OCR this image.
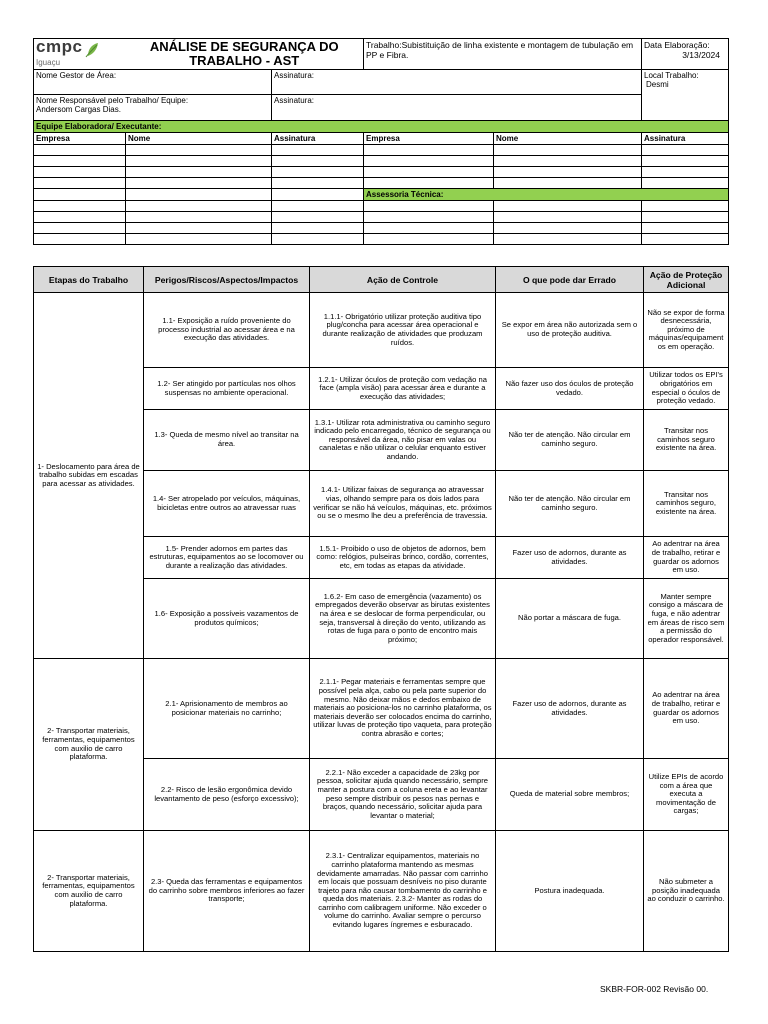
cmpc  Iguaçu	ANÁLISE DE SEGURANÇA DO TRABALHO - AST		Trabalho:Subistituição de linha existente e montagem de tubulação em PP e Fibra.		Data Elaboração:
3/13/2024

Nome Gestor de Área:		Assinatura:			Local Trabalho:
Desmi

Nome Responsável pelo Trabalho/ Equipe:
Andersom Cargas Dias.		Assinatura:			
Equipe Elaboradora/ Executante:					
Empresa	Nome	Assinatura	Empresa	Nome	Assinatura

			Assessoria Técnica:		

Etapas do Trabalho	Perigos/Riscos/Aspectos/Impactos	Ação de Controle	O que pode dar Errado	Ação de Proteção Adicional
1- Deslocamento para área de trabalho subidas em escadas para acessar as atividades.	1.1- Exposição a ruído proveniente do processo industrial ao acessar área e na execução das atividades.	1.1.1- Obrigatório utilizar proteção auditiva tipo plug/concha para acessar área operacional e durante realização de atividades que produzam ruídos.	Se expor em área não autorizada sem o uso de proteção auditiva.	Não se expor de forma desnecessária, próximo de máquinas/equipament os em operação.
	1.2- Ser atingido por partículas nos olhos suspensas no ambiente operacional.	1.2.1- Utilizar óculos de proteção com vedação na face (ampla visão) para acessar área e durante a execução das atividades;	Não fazer uso dos óculos de proteção vedado.	Utilizar todos os EPI's obrigatórios em especial o óculos de proteção vedado.
	1.3- Queda de mesmo nível ao transitar na área.	1.3.1- Utilizar rota administrativa ou caminho seguro indicado pelo encarregado, técnico de segurança ou responsável da área, não pisar em valas ou canaletas e não utilizar o celular enquanto estiver andando.	Não ter de atenção. Não circular em caminho seguro.	Transitar nos caminhos seguro existente na área.
	1.4- Ser atropelado por veículos, máquinas, bicicletas entre outros ao atravessar ruas	1.4.1- Utilizar faixas de segurança ao atravessar vias, olhando sempre para os dois lados para verificar se não há veículos, máquinas, etc. próximos ou se o mesmo lhe deu a preferência de travessia.	Não ter de atenção. Não circular em caminho seguro.	Transitar nos caminhos seguro, existente na área.
	1.5- Prender adornos em partes das estruturas, equipamentos ao se locomover ou durante a realização das atividades.	1.5.1- Proibido o uso de objetos de adornos, bem como: relógios, pulseiras brinco, cordão, correntes, etc, em todas as etapas da atividade.	Fazer uso de adornos, durante as atividades.	Ao adentrar na área de trabalho, retirar e guardar os adornos em uso.
	1.6- Exposição a possíveis vazamentos de produtos químicos;	1.6.2- Em caso de emergência (vazamento) os empregados deverão observar as birutas existentes na área e se deslocar de forma perpendicular, ou seja, transversal à direção do vento, utilizando as rotas de fuga para o ponto de encontro mais próximo;	Não portar a máscara de fuga.	Manter sempre consigo a máscara de fuga, e não adentrar em áreas de risco sem a permissão do operador responsável.
2- Transportar materiais, ferramentas, equipamentos com auxilio de carro plataforma.	2.1- Aprisionamento de membros ao posicionar materiais no carrinho;	2.1.1- Pegar materiais e ferramentas sempre que possível pela alça, cabo ou pela parte superior do mesmo. Não deixar mãos e dedos embaixo de materiais ao posiciona-los no carrinho plataforma, os materiais deverão ser colocados encima do carrinho, utilizar luvas de proteção tipo vaqueta, para proteção contra abrasão e cortes;	Fazer uso de adornos, durante as atividades.	Ao adentrar na área de trabalho, retirar e guardar os adornos em uso.
	2.2- Risco de lesão ergonômica devido levantamento de peso (esforço excessivo);	2.2.1- Não exceder a capacidade de 23kg por pessoa, solicitar ajuda quando necessário, sempre manter a postura com a coluna ereta e ao levantar peso sempre distribuir os pesos nas pernas e braços, quando necessário, solicitar ajuda para levantar o material;	Queda de material sobre membros;	Utilize EPIs de acordo com a área que executa a movimentação de cargas;
2- Transportar materiais, ferramentas, equipamentos com auxilio de carro plataforma.	2.3- Queda das ferramentas e equipamentos do carrinho sobre membros inferiores ao fazer transporte;	2.3.1- Centralizar equipamentos, materiais no carrinho plataforma mantendo as mesmas devidamente amarradas. Não passar com carrinho em locais que possuam desníveis no piso durante trajeto para não causar tombamento do carrinho e queda dos materiais. 2.3.2- Manter as rodas do carrinho com calibragem uniforme. Não exceder o volume do carrinho. Avaliar sempre o percurso evitando lugares íngremes e esburacado.	Postura inadequada.	Não submeter a posição inadequada ao conduzir o carrinho.
SKBR-FOR-002 Revisão 00.
